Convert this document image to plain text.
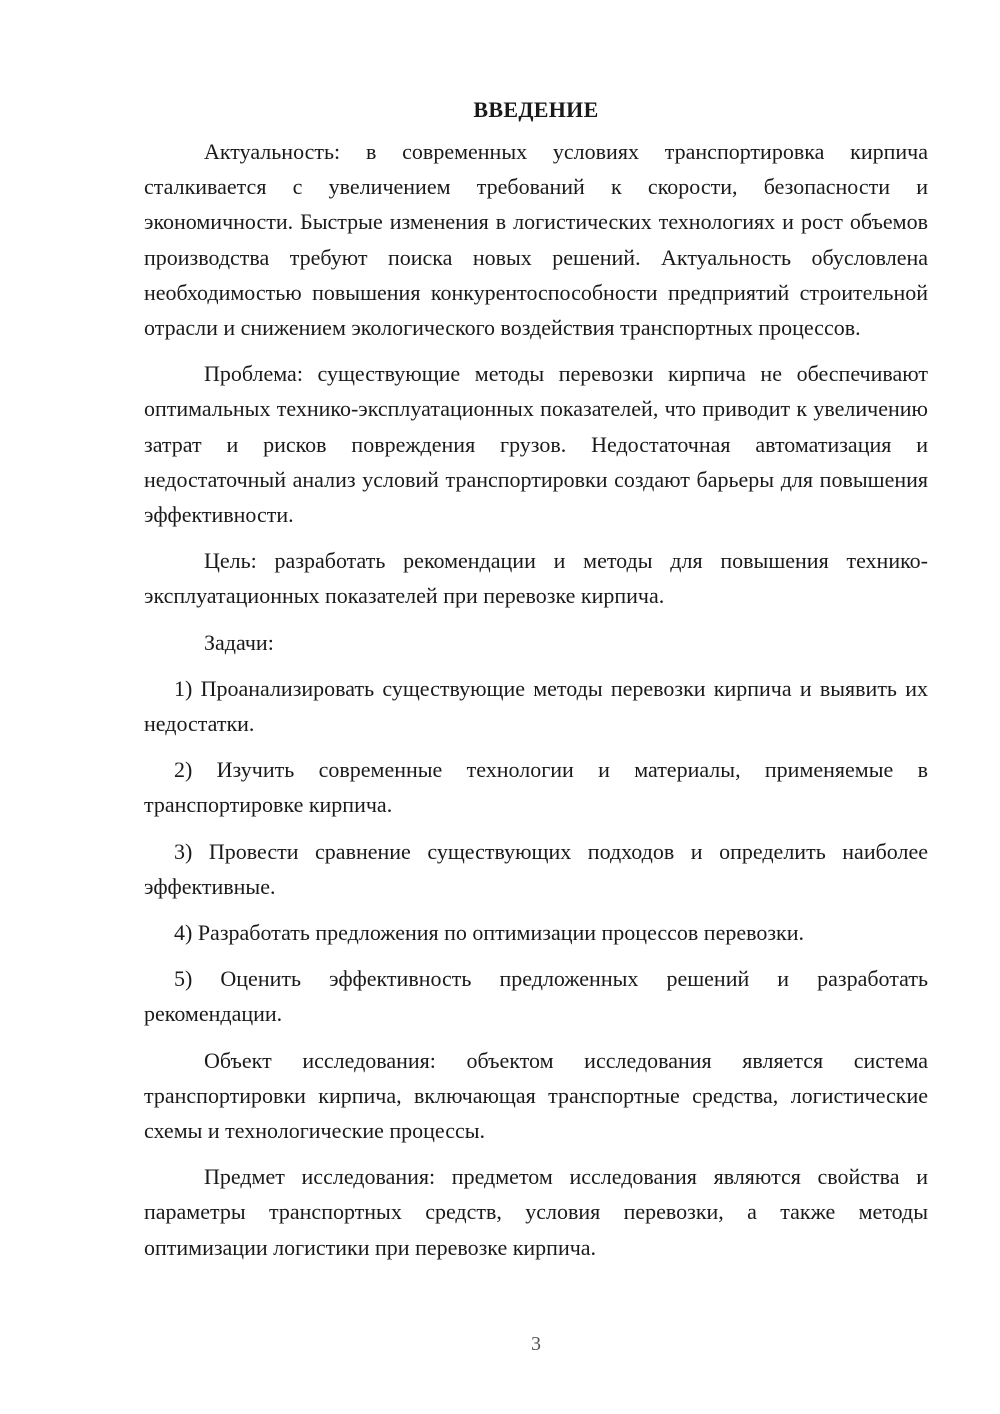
ВВЕДЕНИЕ

Актуальность: в современных условиях транспортировка кирпича сталкивается с увеличением требований к скорости, безопасности и экономичности. Быстрые изменения в логистических технологиях и рост объемов производства требуют поиска новых решений. Актуальность обусловлена необходимостью повышения конкурентоспособности предприятий строительной отрасли и снижением экологического воздействия транспортных процессов.

Проблема: существующие методы перевозки кирпича не обеспечивают оптимальных технико-эксплуатационных показателей, что приводит к увеличению затрат и рисков повреждения грузов. Недостаточная автоматизация и недостаточный анализ условий транспортировки создают барьеры для повышения эффективности.

Цель: разработать рекомендации и методы для повышения технико-эксплуатационных показателей при перевозке кирпича.

Задачи:

1) Проанализировать существующие методы перевозки кирпича и выявить их недостатки.

2) Изучить современные технологии и материалы, применяемые в транспортировке кирпича.

3) Провести сравнение существующих подходов и определить наиболее эффективные.

4) Разработать предложения по оптимизации процессов перевозки.

5) Оценить эффективность предложенных решений и разработать рекомендации.

Объект исследования: объектом исследования является система транспортировки кирпича, включающая транспортные средства, логистические схемы и технологические процессы.

Предмет исследования: предметом исследования являются свойства и параметры транспортных средств, условия перевозки, а также методы оптимизации логистики при перевозке кирпича.

3
